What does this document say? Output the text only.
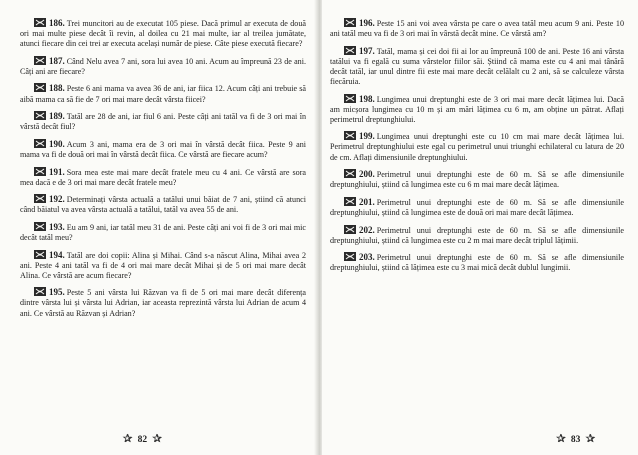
186. Trei muncitori au de executat 105 piese. Dacă primul ar executa de două ori mai multe piese decât îi revin, al doilea cu 21 mai multe, iar al treilea jumătate, atunci fiecare din cei trei ar executa același număr de piese. Câte piese execută fiecare?

187. Când Nelu avea 7 ani, sora lui avea 10 ani. Acum au împreună 23 de ani. Câți ani are fiecare?

188. Peste 6 ani mama va avea 36 de ani, iar fiica 12. Acum câți ani trebuie să aibă mama ca să fie de 7 ori mai mare decât vârsta fiicei?

189. Tatăl are 28 de ani, iar fiul 6 ani. Peste câți ani tatăl va fi de 3 ori mai în vârstă decât fiul?

190. Acum 3 ani, mama era de 3 ori mai în vârstă decât fiica. Peste 9 ani mama va fi de două ori mai în vârstă decât fiica. Ce vârstă are fiecare acum?

191. Sora mea este mai mare decât fratele meu cu 4 ani. Ce vârstă are sora mea dacă e de 3 ori mai mare decât fratele meu?

192. Determinați vârsta actuală a tatălui unui băiat de 7 ani, știind că atunci când băiatul va avea vârsta actuală a tatălui, tatăl va avea 55 de ani.

193. Eu am 9 ani, iar tatăl meu 31 de ani. Peste câți ani voi fi de 3 ori mai mic decât tatăl meu?

194. Tatăl are doi copii: Alina și Mihai. Când s-a născut Alina, Mihai avea 2 ani. Peste 4 ani tatăl va fi de 4 ori mai mare decât Mihai și de 5 ori mai mare decât Alina. Ce vârstă are acum fiecare?

195. Peste 5 ani vârsta lui Răzvan va fi de 5 ori mai mare decât diferența dintre vârsta lui și vârsta lui Adrian, iar aceasta reprezintă vârsta lui Adrian de acum 4 ani. Ce vârstă au Răzvan și Adrian?

✰ 82 ✰

196. Peste 15 ani voi avea vârsta pe care o avea tatăl meu acum 9 ani. Peste 10 ani tatăl meu va fi de 3 ori mai în vârstă decât mine. Ce vârstă am?

197. Tatăl, mama și cei doi fii ai lor au împreună 100 de ani. Peste 16 ani vârsta tatălui va fi egală cu suma vârstelor fiilor săi. Știind că mama este cu 4 ani mai tânără decât tatăl, iar unul dintre fii este mai mare decât celălalt cu 2 ani, să se calculeze vârsta fiecăruia.

198. Lungimea unui dreptunghi este de 3 ori mai mare decât lățimea lui. Dacă am micșora lungimea cu 10 m și am mări lățimea cu 6 m, am obține un pătrat. Aflați perimetrul dreptunghiului.

199. Lungimea unui dreptunghi este cu 10 cm mai mare decât lățimea lui. Perimetrul dreptunghiului este egal cu perimetrul unui triunghi echilateral cu latura de 20 de cm. Aflați dimensiunile dreptunghiului.

200. Perimetrul unui dreptunghi este de 60 m. Să se afle dimensiunile dreptunghiului, știind că lungimea este cu 6 m mai mare decât lățimea.

201. Perimetrul unui dreptunghi este de 60 m. Să se afle dimensiunile dreptunghiului, știind că lungimea este de două ori mai mare decât lățimea.

202. Perimetrul unui dreptunghi este de 60 m. Să se afle dimensiunile dreptunghiului, știind că lungimea este cu 2 m mai mare decât triplul lățimii.

203. Perimetrul unui dreptunghi este de 60 m. Să se afle dimensiunile dreptunghiului, știind că lățimea este cu 3 mai mică decât dublul lungimii.

✰ 83 ✰
